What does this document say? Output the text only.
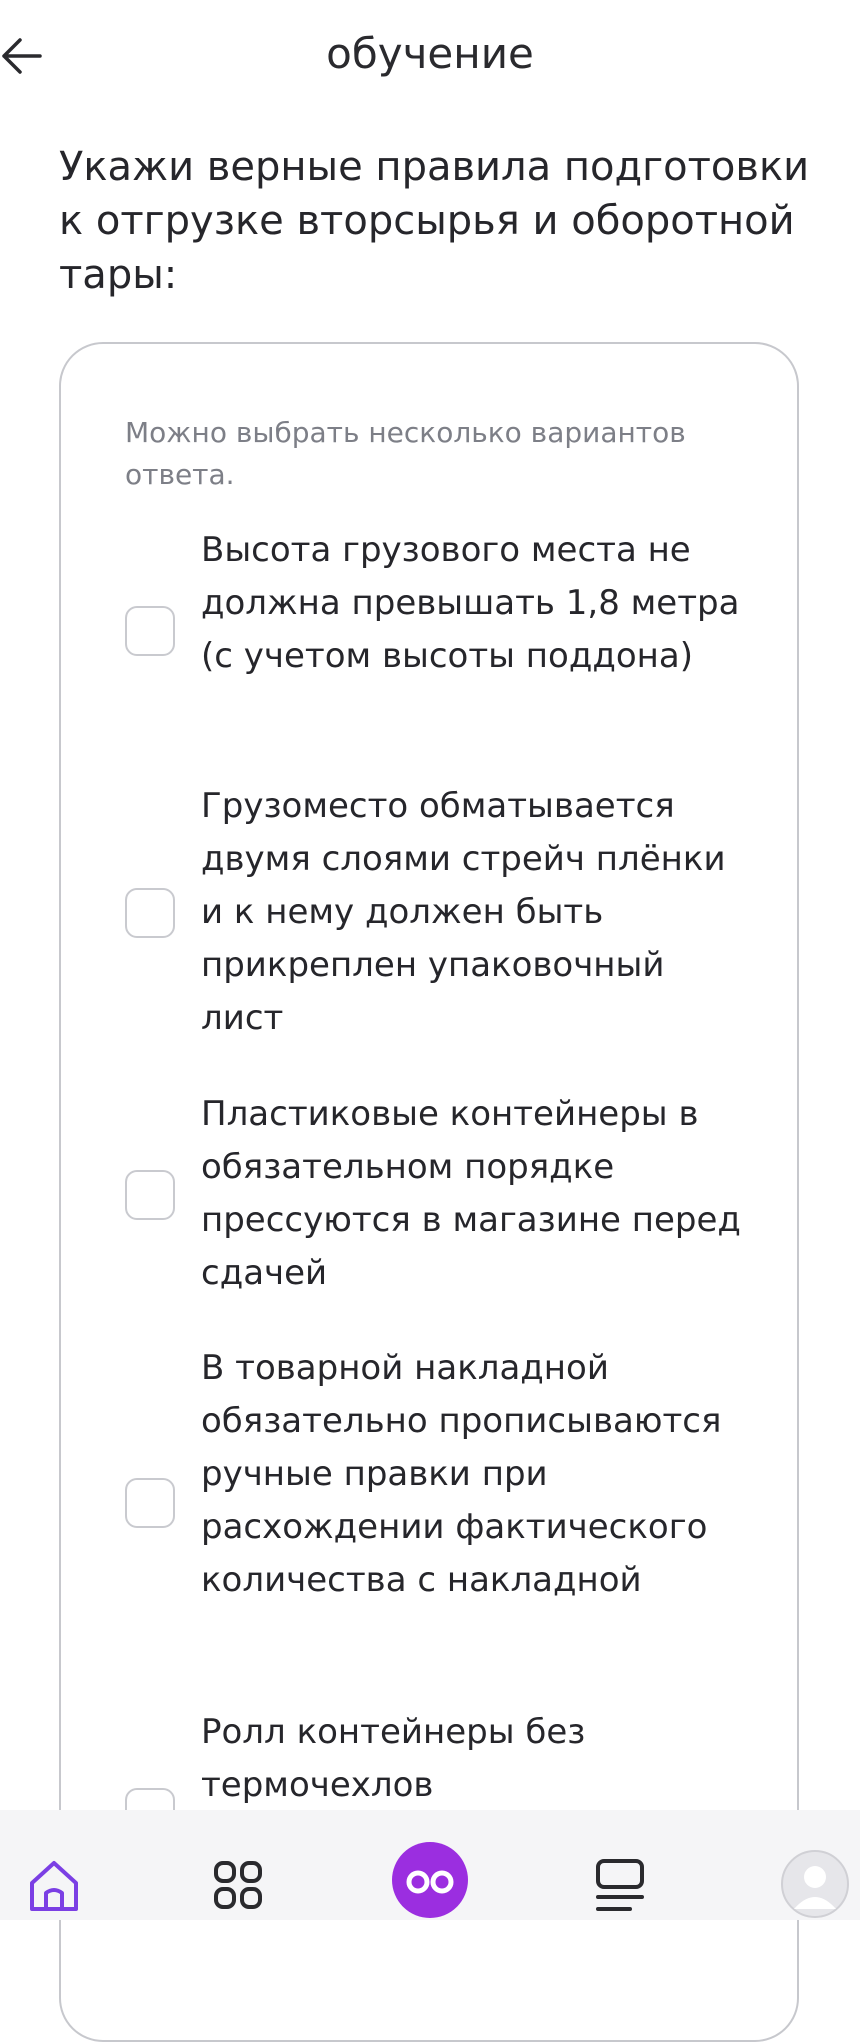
обучение

Укажи верные правила подготовки к отгрузке вторсырья и оборотной тары:

Можно выбрать несколько вариантов ответа.
Высота грузового места не должна превышать 1,8 метра (с учетом высоты поддона)
Грузоместо обматывается двумя слоями стрейч плёнки и к нему должен быть прикреплен упаковочный лист
Пластиковые контейнеры в обязательном порядке прессуются в магазине перед сдачей
В товарной накладной обязательно прописываются ручные правки при расхождении фактического количества с накладной
Ролл контейнеры без термочехлов
